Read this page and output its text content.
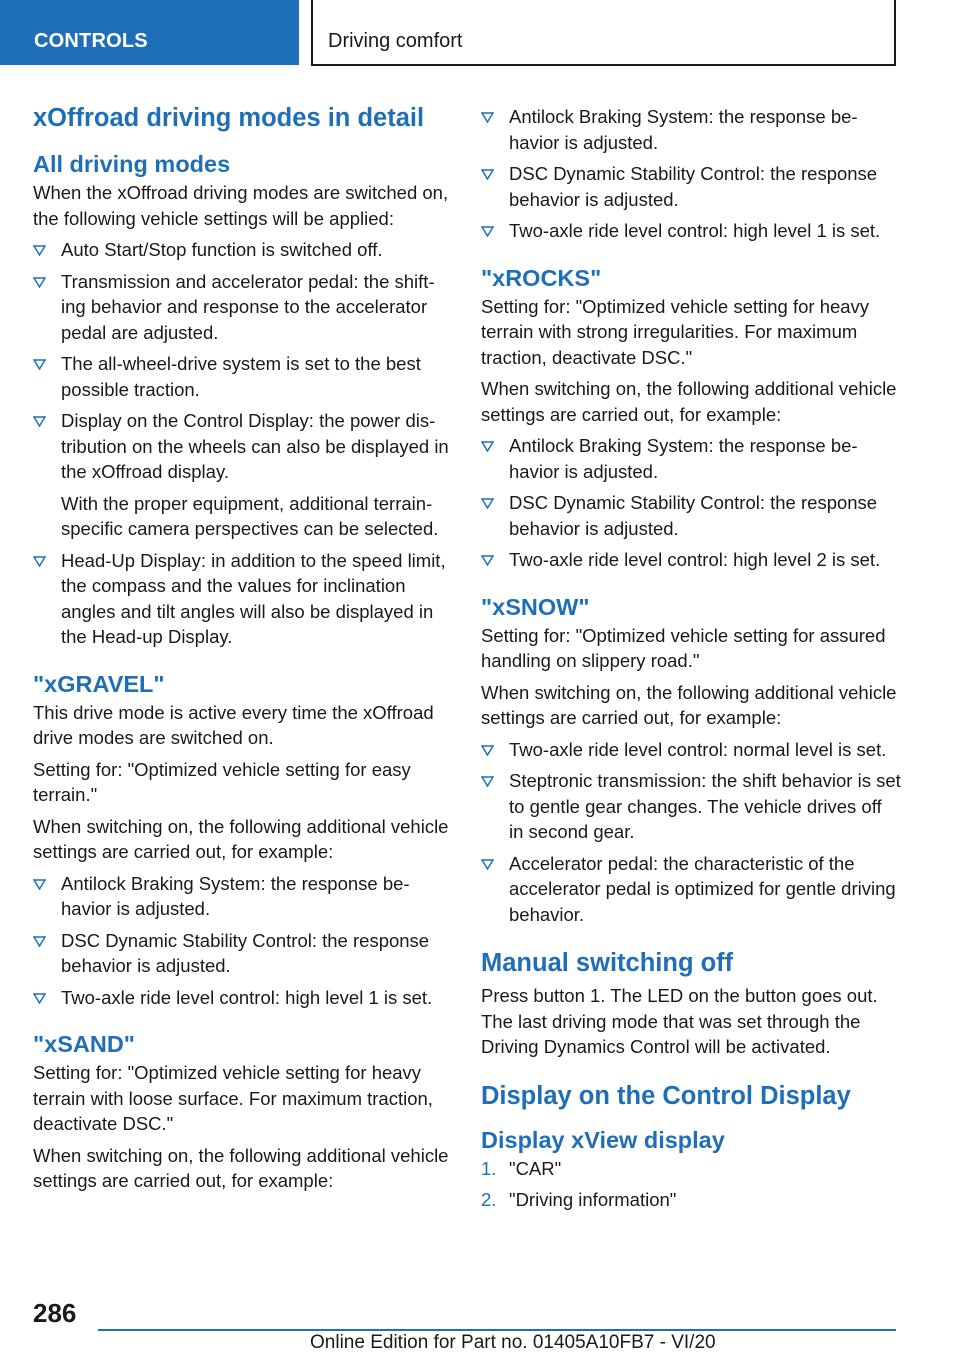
CONTROLS	Driving comfort
xOffroad driving modes in detail
All driving modes

When the xOffroad driving modes are switched on, the following vehicle settings will be applied:

Auto Start/Stop function is switched off.
Transmission and accelerator pedal: the shifting behavior and response to the accelerator pedal are adjusted.
The all-wheel-drive system is set to the best possible traction.
Display on the Control Display: the power distribution on the wheels can also be displayed in the xOffroad display.

With the proper equipment, additional terrain-specific camera perspectives can be selected.

Head-Up Display: in addition to the speed limit, the compass and the values for inclination angles and tilt angles will also be displayed in the Head-up Display.
"xGRAVEL"

This drive mode is active every time the xOffroad drive modes are switched on.

Setting for: "Optimized vehicle setting for easy terrain."

When switching on, the following additional vehicle settings are carried out, for example:

Antilock Braking System: the response behavior is adjusted.
DSC Dynamic Stability Control: the response behavior is adjusted.
Two-axle ride level control: high level 1 is set.
"xSAND"

Setting for: "Optimized vehicle setting for heavy terrain with loose surface. For maximum traction, deactivate DSC."

When switching on, the following additional vehicle settings are carried out, for example:

Antilock Braking System: the response behavior is adjusted.
DSC Dynamic Stability Control: the response behavior is adjusted.
Two-axle ride level control: high level 1 is set.
"xROCKS"

Setting for: "Optimized vehicle setting for heavy terrain with strong irregularities. For maximum traction, deactivate DSC."

When switching on, the following additional vehicle settings are carried out, for example:

Antilock Braking System: the response behavior is adjusted.
DSC Dynamic Stability Control: the response behavior is adjusted.
Two-axle ride level control: high level 2 is set.
"xSNOW"

Setting for: "Optimized vehicle setting for assured handling on slippery road."

When switching on, the following additional vehicle settings are carried out, for example:

Two-axle ride level control: normal level is set.
Steptronic transmission: the shift behavior is set to gentle gear changes. The vehicle drives off in second gear.
Accelerator pedal: the characteristic of the accelerator pedal is optimized for gentle driving behavior.
Manual switching off

Press button 1. The LED on the button goes out. The last driving mode that was set through the Driving Dynamics Control will be activated.

Display on the Control Display
Display xView display
1. "CAR"
2. "Driving information"
286
Online Edition for Part no. 01405A10FB7 - VI/20
